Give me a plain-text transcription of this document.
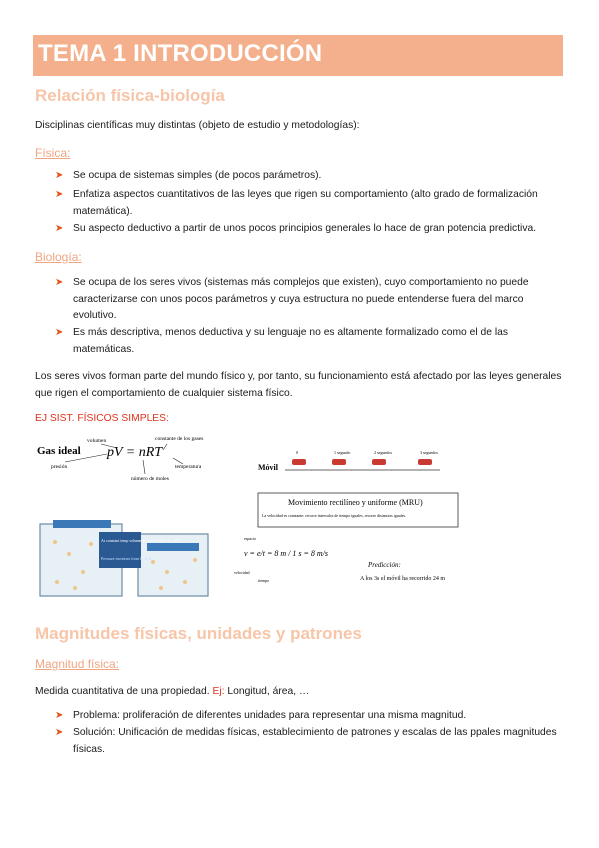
TEMA 1 INTRODUCCIÓN
Relación física-biología
Disciplinas científicas muy distintas (objeto de estudio y metodologías):
Física:
➤ Se ocupa de sistemas simples (de pocos parámetros).
➤ Enfatiza aspectos cuantitativos de las leyes que rigen su comportamiento (alto grado de formalización matemática).
➤ Su aspecto deductivo a partir de unos pocos principios generales lo hace de gran potencia predictiva.
Biología:
➤ Se ocupa de los seres vivos (sistemas más complejos que existen), cuyo comportamiento no puede caracterizarse con unos pocos parámetros y cuya estructura no puede entenderse fuera del marco evolutivo.
➤ Es más descriptiva, menos deductiva y su lenguaje no es altamente formalizado como el de las matemáticas.
Los seres vivos forman parte del mundo físico y, por tanto, su funcionamiento está afectado por las leyes generales que rigen el comportamiento de cualquier sistema físico.
EJ SIST. FÍSICOS SIMPLES:
Gas ideal pV = nRT
volumen
presión
constante de los gases
número de moles
temperatura
At constant temp volume decreases from V₁ to V₂
Pressure increases from P₁ to P₂
Móvil
0	1 segundo	2 segundos	3 segundos
Movimiento rectilíneo y uniforme (MRU)
La velocidad es constante: recorre intervalos de tiempo iguales, recorre distancias iguales.
espacio
velocidad
tiempo
v = e/t = 8 m / 1 s = 8 m/s
Predicción:
A los 3s el móvil ha recorrido 24 m
Magnitudes físicas, unidades y patrones
Magnitud física:
Medida cuantitativa de una propiedad. Ej: Longitud, área, …
➤ Problema: proliferación de diferentes unidades para representar una misma magnitud.
➤ Solución: Unificación de medidas físicas, establecimiento de patrones y escalas de las ppales magnitudes físicas.
